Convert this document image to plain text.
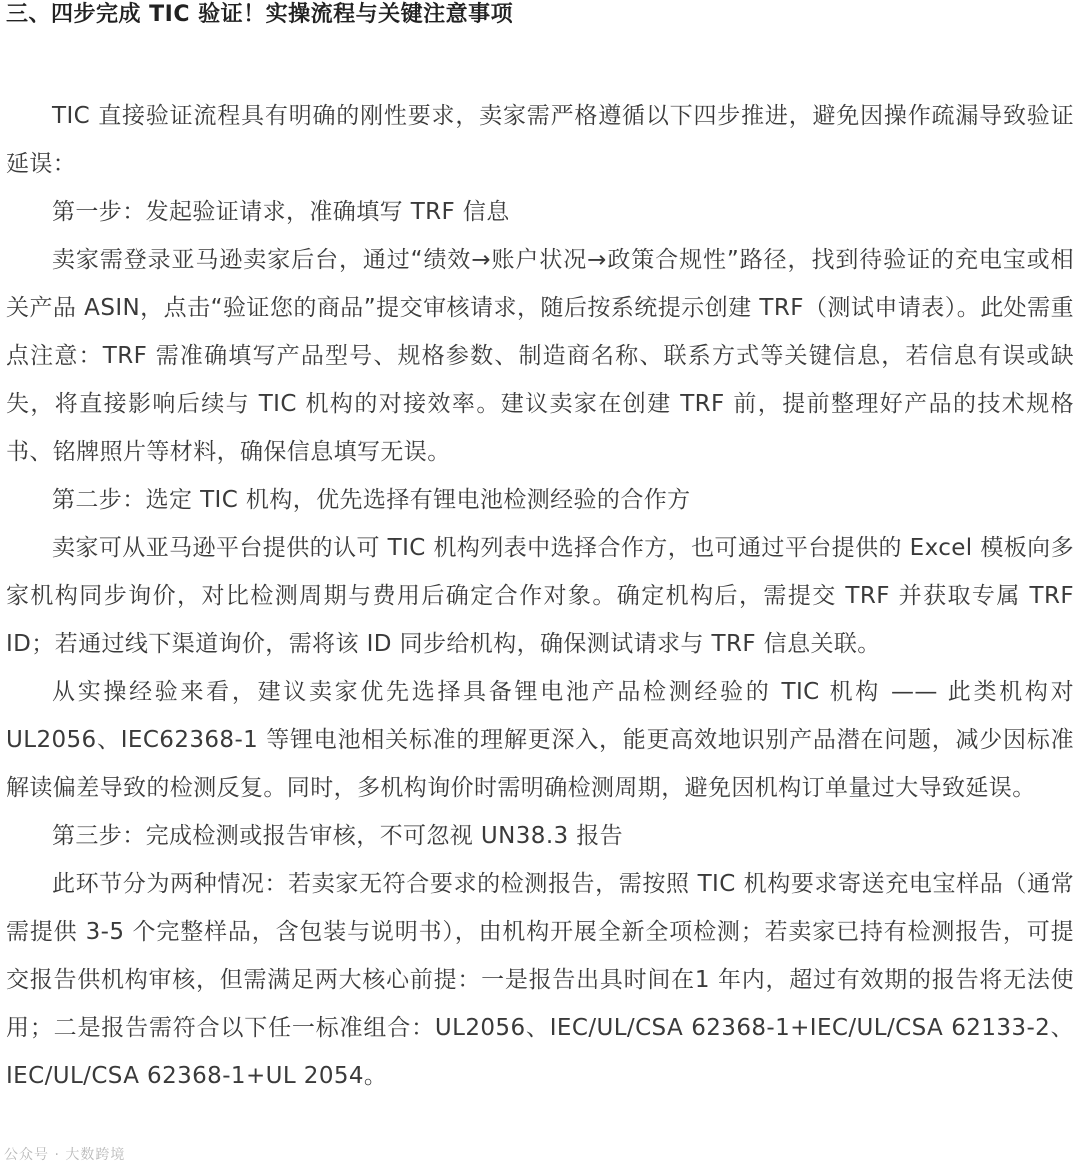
三、四步完成 TIC 验证！实操流程与关键注意事项

TIC 直接验证流程具有明确的刚性要求，卖家需严格遵循以下四步推进，避免因操作疏漏导致验证延误：

第一步：发起验证请求，准确填写 TRF 信息

卖家需登录亚马逊卖家后台，通过“绩效→账户状况→政策合规性”路径，找到待验证的充电宝或相关产品 ASIN，点击“验证您的商品”提交审核请求，随后按系统提示创建 TRF（测试申请表）。此处需重点注意：TRF 需准确填写产品型号、规格参数、制造商名称、联系方式等关键信息，若信息有误或缺失，将直接影响后续与 TIC 机构的对接效率。建议卖家在创建 TRF 前，提前整理好产品的技术规格书、铭牌照片等材料，确保信息填写无误。

第二步：选定 TIC 机构，优先选择有锂电池检测经验的合作方

卖家可从亚马逊平台提供的认可 TIC 机构列表中选择合作方，也可通过平台提供的 Excel 模板向多家机构同步询价，对比检测周期与费用后确定合作对象。确定机构后，需提交 TRF 并获取专属 TRF ID；若通过线下渠道询价，需将该 ID 同步给机构，确保测试请求与 TRF 信息关联。

从实操经验来看，建议卖家优先选择具备锂电池产品检测经验的 TIC 机构 —— 此类机构对 UL2056、IEC62368-1 等锂电池相关标准的理解更深入，能更高效地识别产品潜在问题，减少因标准解读偏差导致的检测反复。同时，多机构询价时需明确检测周期，避免因机构订单量过大导致延误。

第三步：完成检测或报告审核，不可忽视 UN38.3 报告

此环节分为两种情况：若卖家无符合要求的检测报告，需按照 TIC 机构要求寄送充电宝样品（通常需提供 3-5 个完整样品，含包装与说明书），由机构开展全新全项检测；若卖家已持有检测报告，可提交报告供机构审核，但需满足两大核心前提：一是报告出具时间在1 年内，超过有效期的报告将无法使用；二是报告需符合以下任一标准组合：UL2056、IEC/UL/CSA 62368-1+IEC/UL/CSA 62133-2、IEC/UL/CSA 62368-1+UL 2054。

公众号 · 大数跨境
